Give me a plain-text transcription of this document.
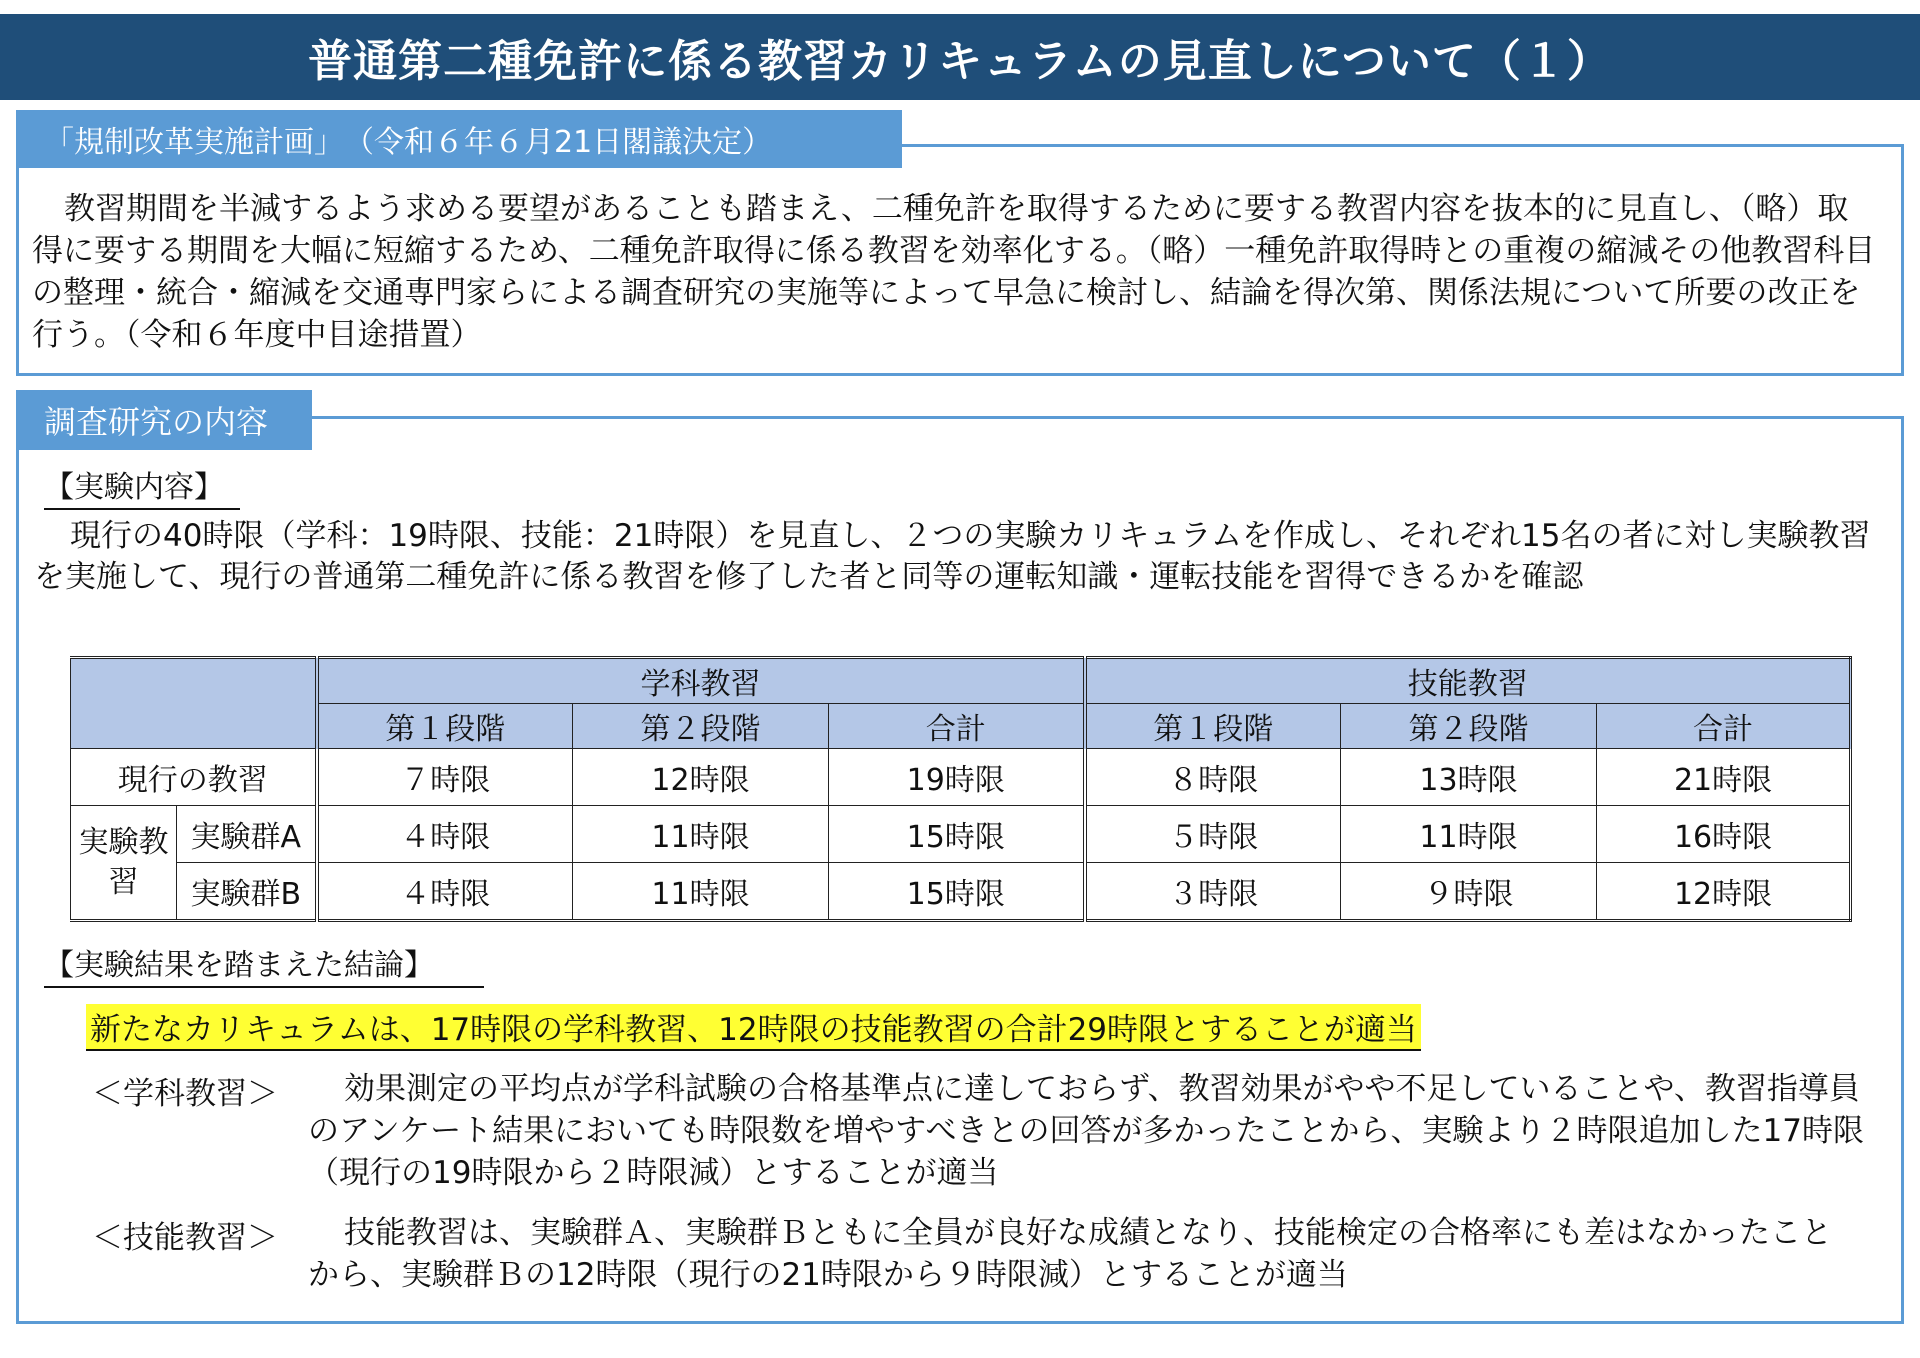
普通第二種免許に係る教習カリキュラムの見直しについて（１）
「規制改革実施計画」　（令和６年６月21日閣議決定）
教習期間を半減するよう求める要望があることも踏まえ、二種免許を取得するために要する教習内容を抜本的に見直し、（略）取得に要する期間を大幅に短縮するため、二種免許取得に係る教習を効率化する。（略）一種免許取得時との重複の縮減その他教習科目の整理・統合・縮減を交通専門家らによる調査研究の実施等によって早急に検討し、結論を得次第、関係法規について所要の改正を行う。（令和６年度中目途措置）
調査研究の内容
【実験内容】
現行の40時限（学科：19時限、技能：21時限）を見直し、２つの実験カリキュラムを作成し、それぞれ15名の者に対し実験教習を実施して、現行の普通第二種免許に係る教習を修了した者と同等の運転知識・運転技能を習得できるかを確認
		学科教習			技能教習		
		第１段階	第２段階	合計	第１段階	第２段階	合計
現行の教習		７時限	12時限	19時限	８時限	13時限	21時限
実験教習	実験群A	４時限	11時限	15時限	５時限	11時限	16時限
	実験群B	４時限	11時限	15時限	３時限	９時限	12時限
【実験結果を踏まえた結論】
新たなカリキュラムは、17時限の学科教習、12時限の技能教習の合計29時限とすることが適当
＜学科教習＞	効果測定の平均点が学科試験の合格基準点に達しておらず、教習効果がやや不足していることや、教習指導員のアンケート結果においても時限数を増やすべきとの回答が多かったことから、実験より２時限追加した17時限（現行の19時限から２時限減）とすることが適当
＜技能教習＞	技能教習は、実験群Ａ、実験群Ｂともに全員が良好な成績となり、技能検定の合格率にも差はなかったことから、実験群Ｂの12時限（現行の21時限から９時限減）とすることが適当
